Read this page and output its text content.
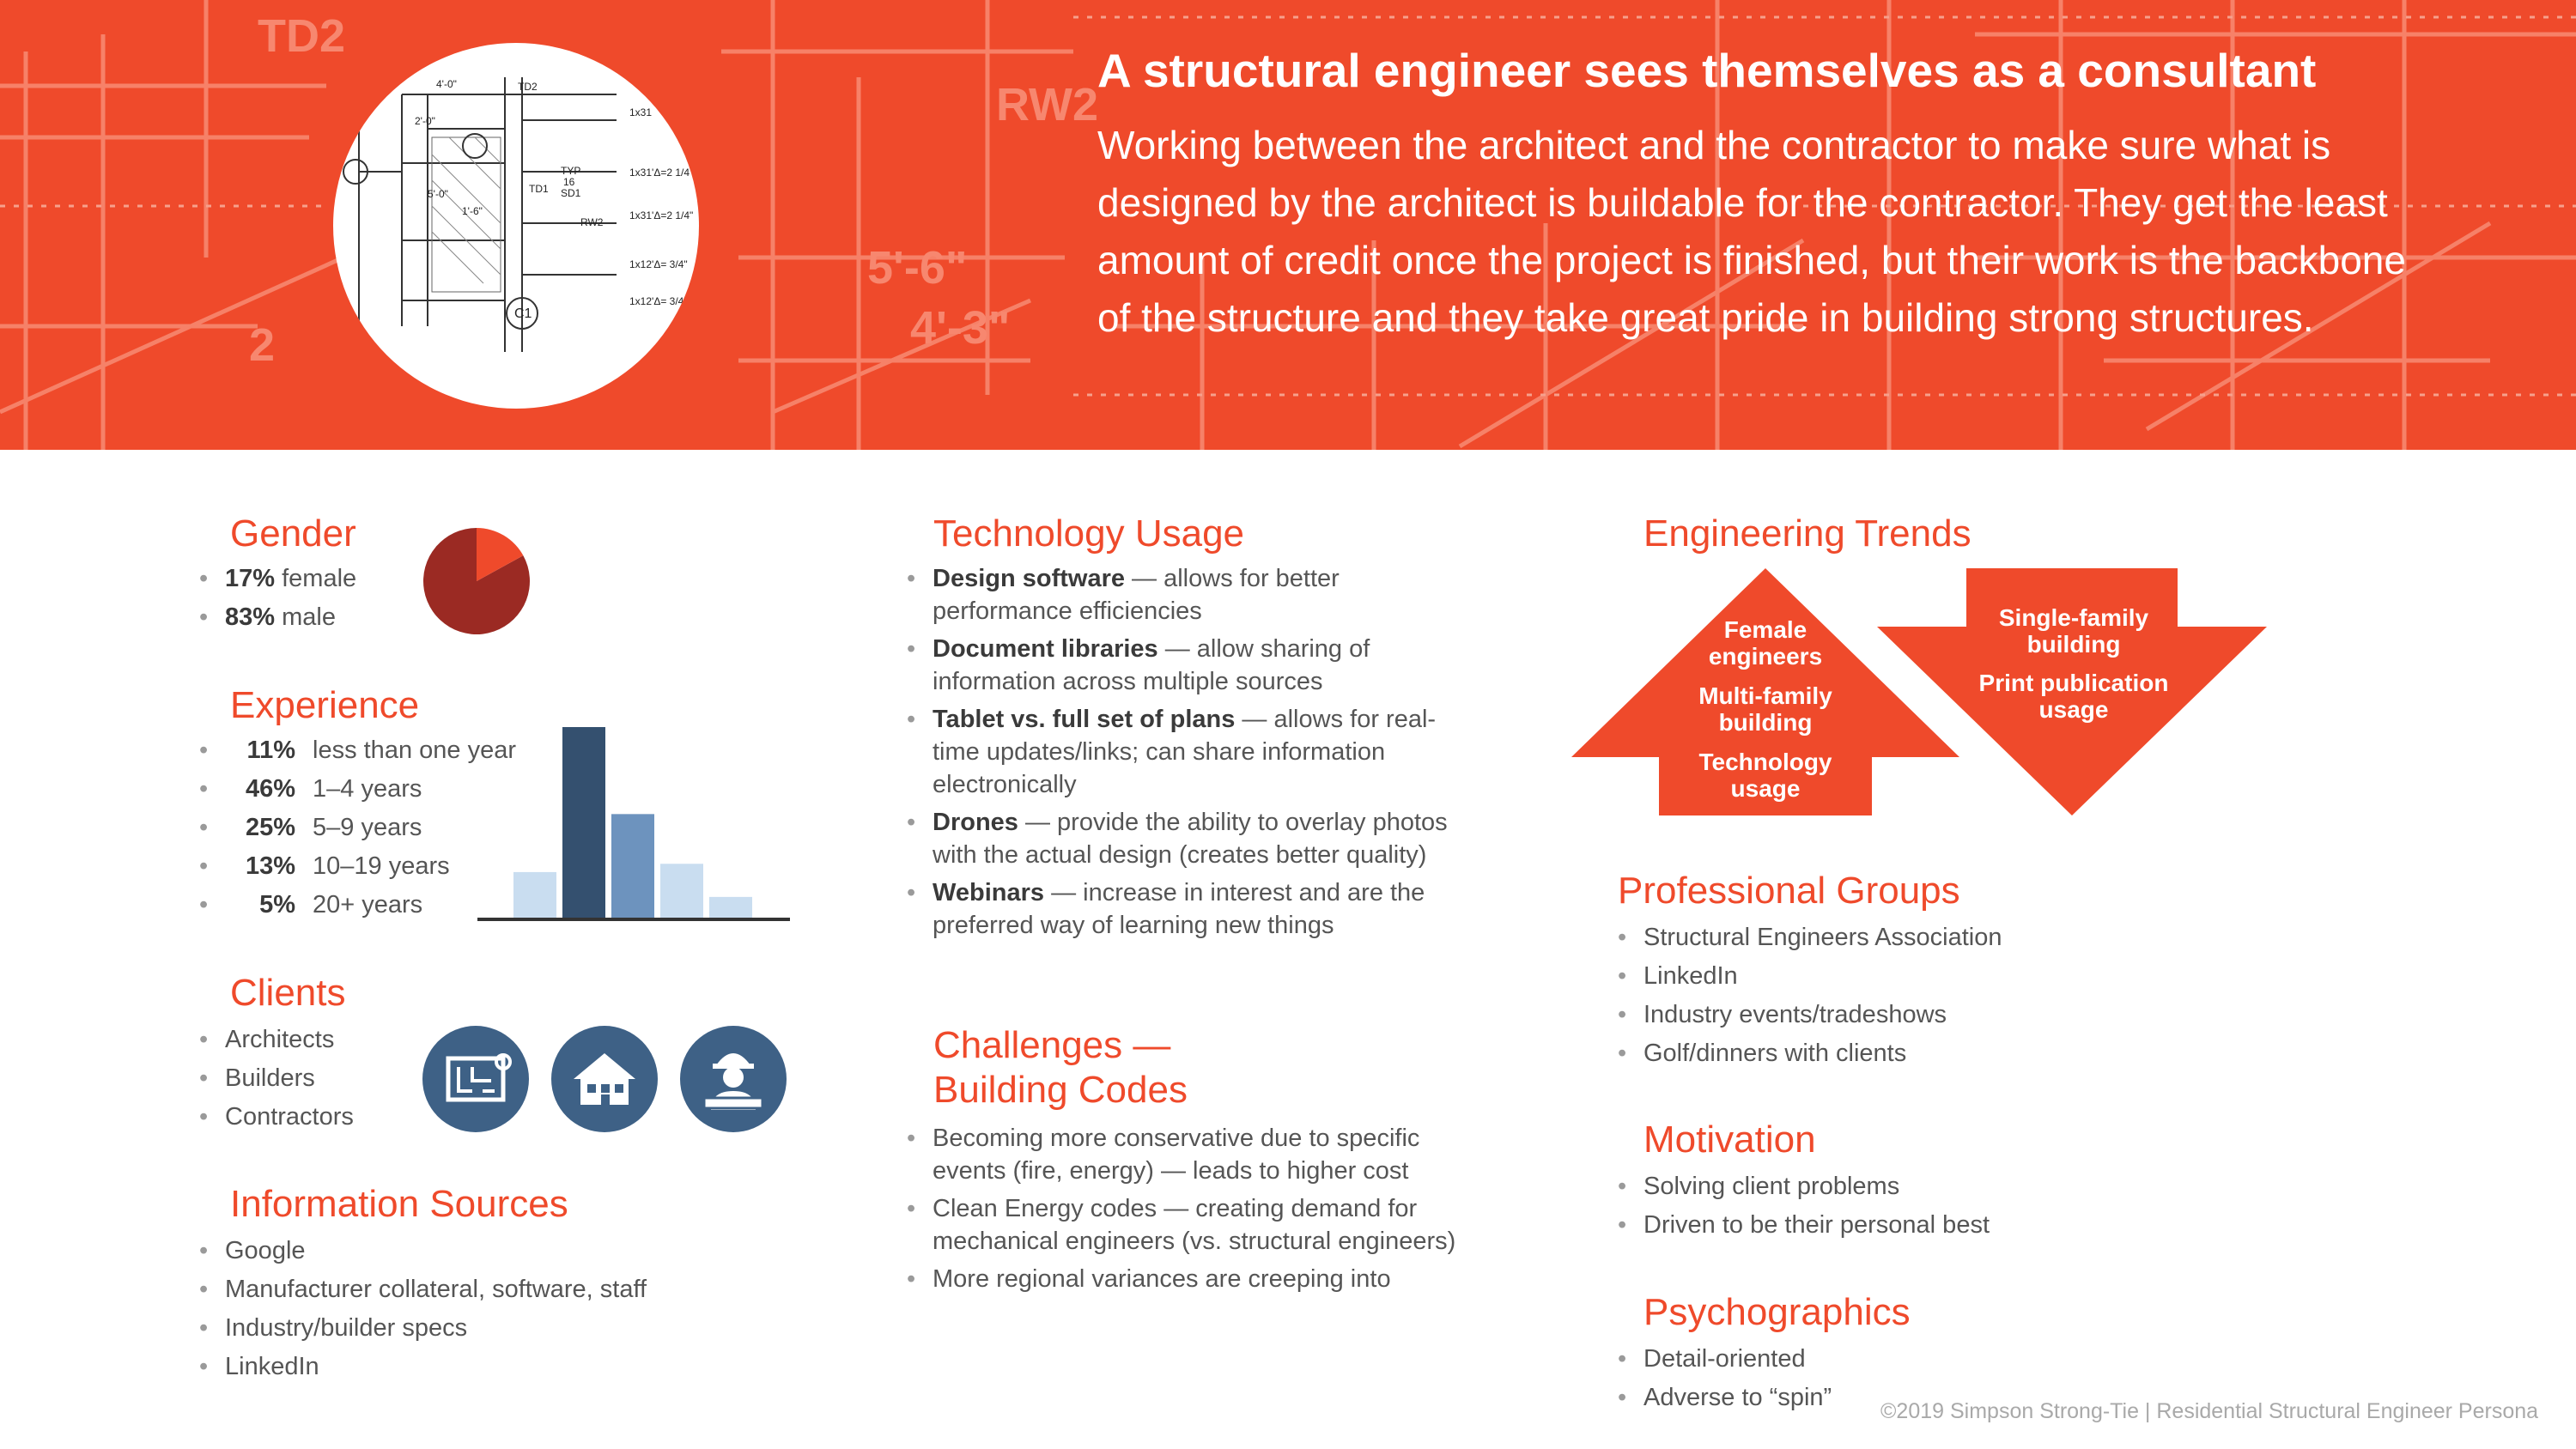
TD2
RW2
5'-6"
4'-3"
2
4'-0"	TD2
1x31
TYP
16
SD1
TD1
RW2
1x31'Δ=2 1/4
1x31'Δ=2 1/4"
1x12'Δ= 3/4"
1x12'Δ= 3/4"
C1
5'-0"
2'-0"
1'-6"
A structural engineer sees themselves as a consultant

Working between the architect and the contractor to make sure what is designed by the architect is buildable for the contractor. They get the least amount of credit once the project is finished, but their work is the backbone of the structure and they take great pride in building strong structures.

Gender
• 17% female
• 83% male
Experience
• 11% less than one year
• 46% 1–4 years
• 25% 5–9 years
• 13% 10–19 years
• 5% 20+ years
Clients
• Architects
• Builders
• Contractors
Information Sources
• Google
• Manufacturer collateral, software, staff
• Industry/builder specs
• LinkedIn
Technology Usage
• Design software — allows for better performance efficiencies
• Document libraries — allow sharing of information across multiple sources
• Tablet vs. full set of plans — allows for real-time updates/links; can share information electronically
• Drones — provide the ability to overlay photos with the actual design (creates better quality)
• Webinars — increase in interest and are the preferred way of learning new things
Challenges —
Building Codes
• Becoming more conservative due to specific events (fire, energy) — leads to higher cost
• Clean Energy codes — creating demand for mechanical engineers (vs. structural engineers)
• More regional variances are creeping into
Engineering Trends
Female
engineers
Multi-family
building
Technology
usage
Single-family
building
Print publication
usage
Professional Groups
• Structural Engineers Association
• LinkedIn
• Industry events/tradeshows
• Golf/dinners with clients
Motivation
• Solving client problems
• Driven to be their personal best
Psychographics
• Detail-oriented
• Adverse to “spin” ©2019 Simpson Strong-Tie | Residential Structural Engineer Persona
